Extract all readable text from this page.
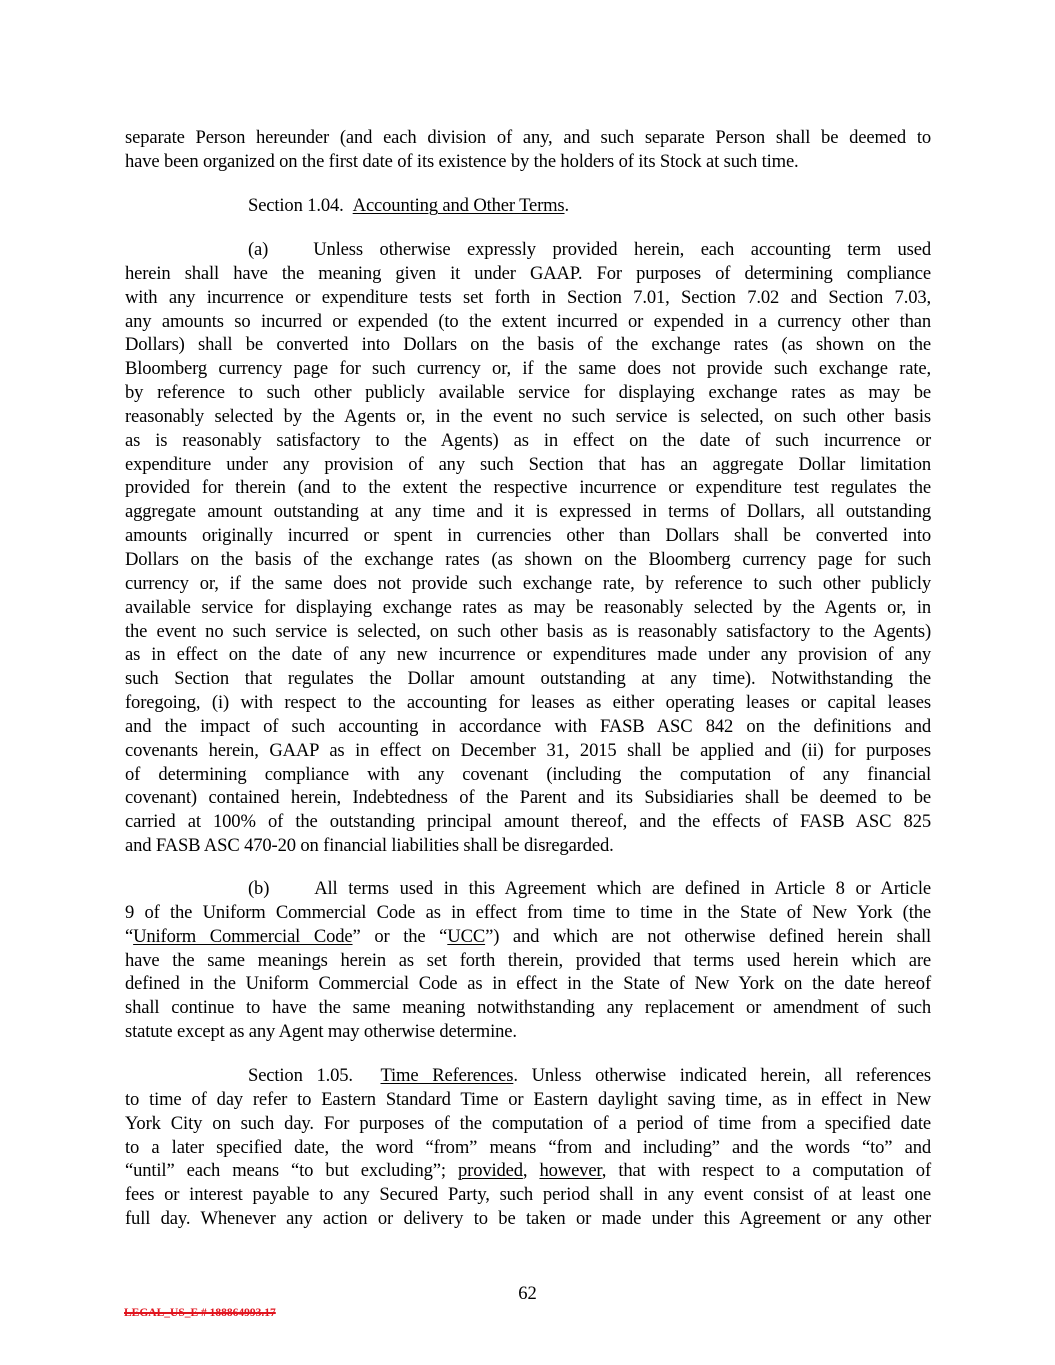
separate Person hereunder (and each division of any, and such separate Person shall be deemed to
have been organized on the first date of its existence by the holders of its Stock at such time.
Section 1.04. Accounting and Other Terms.
(a) Unless otherwise expressly provided herein, each accounting term used
herein shall have the meaning given it under GAAP. For purposes of determining compliance
with any incurrence or expenditure tests set forth in Section 7.01, Section 7.02 and Section 7.03,
any amounts so incurred or expended (to the extent incurred or expended in a currency other than
Dollars) shall be converted into Dollars on the basis of the exchange rates (as shown on the
Bloomberg currency page for such currency or, if the same does not provide such exchange rate,
by reference to such other publicly available service for displaying exchange rates as may be
reasonably selected by the Agents or, in the event no such service is selected, on such other basis
as is reasonably satisfactory to the Agents) as in effect on the date of such incurrence or
expenditure under any provision of any such Section that has an aggregate Dollar limitation
provided for therein (and to the extent the respective incurrence or expenditure test regulates the
aggregate amount outstanding at any time and it is expressed in terms of Dollars, all outstanding
amounts originally incurred or spent in currencies other than Dollars shall be converted into
Dollars on the basis of the exchange rates (as shown on the Bloomberg currency page for such
currency or, if the same does not provide such exchange rate, by reference to such other publicly
available service for displaying exchange rates as may be reasonably selected by the Agents or, in
the event no such service is selected, on such other basis as is reasonably satisfactory to the Agents)
as in effect on the date of any new incurrence or expenditures made under any provision of any
such Section that regulates the Dollar amount outstanding at any time). Notwithstanding the
foregoing, (i) with respect to the accounting for leases as either operating leases or capital leases
and the impact of such accounting in accordance with FASB ASC 842 on the definitions and
covenants herein, GAAP as in effect on December 31, 2015 shall be applied and (ii) for purposes
of determining compliance with any covenant (including the computation of any financial
covenant) contained herein, Indebtedness of the Parent and its Subsidiaries shall be deemed to be
carried at 100% of the outstanding principal amount thereof, and the effects of FASB ASC 825
and FASB ASC 470-20 on financial liabilities shall be disregarded.
(b) All terms used in this Agreement which are defined in Article 8 or Article
9 of the Uniform Commercial Code as in effect from time to time in the State of New York (the
“Uniform Commercial Code” or the “UCC”) and which are not otherwise defined herein shall
have the same meanings herein as set forth therein, provided that terms used herein which are
defined in the Uniform Commercial Code as in effect in the State of New York on the date hereof
shall continue to have the same meaning notwithstanding any replacement or amendment of such
statute except as any Agent may otherwise determine.
Section 1.05. Time References. Unless otherwise indicated herein, all references
to time of day refer to Eastern Standard Time or Eastern daylight saving time, as in effect in New
York City on such day. For purposes of the computation of a period of time from a specified date
to a later specified date, the word “from” means “from and including” and the words “to” and
“until” each means “to but excluding”; provided, however, that with respect to a computation of
fees or interest payable to any Secured Party, such period shall in any event consist of at least one
full day. Whenever any action or delivery to be taken or made under this Agreement or any other
62
LEGAL_US_E # 188864993.17
